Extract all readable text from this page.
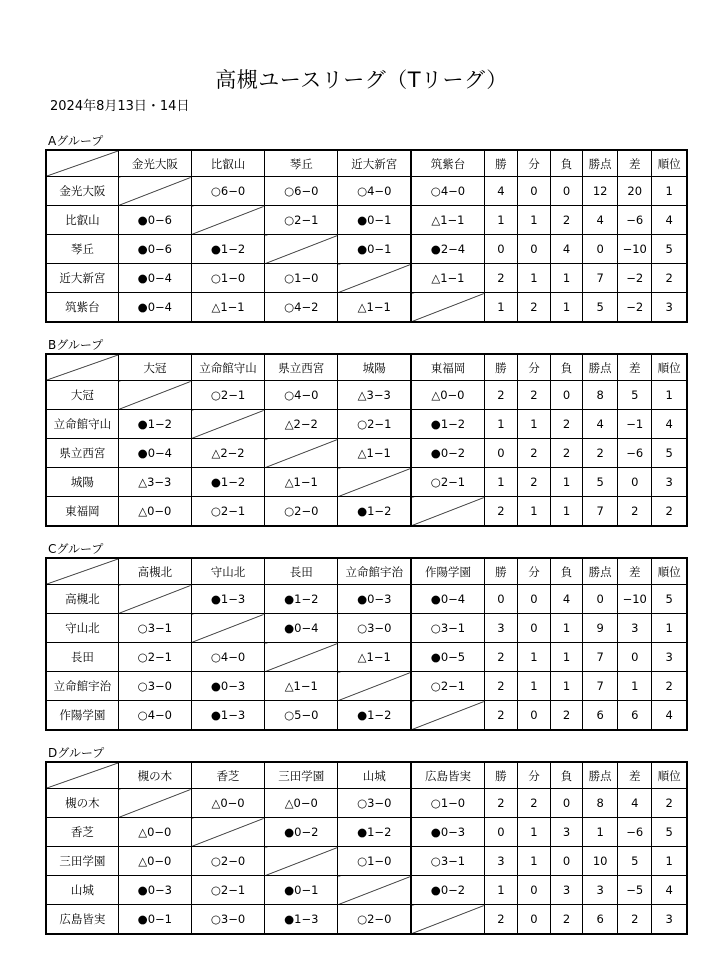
高槻ユースリーグ（Tリーグ）
2024年8月13日・14日
Aグループ
	金光大阪	比叡山	琴丘	近大新宮	筑紫台	勝	分	負	勝点	差	順位
金光大阪		○6−0	○6−0	○4−0	○4−0	4	0	0	12	20	1
比叡山	●0−6		○2−1	●0−1	△1−1	1	1	2	4	−6	4
琴丘	●0−6	●1−2		●0−1	●2−4	0	0	4	0	−10	5
近大新宮	●0−4	○1−0	○1−0		△1−1	2	1	1	7	−2	2
筑紫台	●0−4	△1−1	○4−2	△1−1		1	2	1	5	−2	3
Bグループ
	大冠	立命館守山	県立西宮	城陽	東福岡	勝	分	負	勝点	差	順位
大冠		○2−1	○4−0	△3−3	△0−0	2	2	0	8	5	1
立命館守山	●1−2		△2−2	○2−1	●1−2	1	1	2	4	−1	4
県立西宮	●0−4	△2−2		△1−1	●0−2	0	2	2	2	−6	5
城陽	△3−3	●1−2	△1−1		○2−1	1	2	1	5	0	3
東福岡	△0−0	○2−1	○2−0	●1−2		2	1	1	7	2	2
Cグループ
	高槻北	守山北	長田	立命館宇治	作陽学園	勝	分	負	勝点	差	順位
高槻北		●1−3	●1−2	●0−3	●0−4	0	0	4	0	−10	5
守山北	○3−1		●0−4	○3−0	○3−1	3	0	1	9	3	1
長田	○2−1	○4−0		△1−1	●0−5	2	1	1	7	0	3
立命館宇治	○3−0	●0−3	△1−1		○2−1	2	1	1	7	1	2
作陽学園	○4−0	●1−3	○5−0	●1−2		2	0	2	6	6	4
Dグループ
	槻の木	香芝	三田学園	山城	広島皆実	勝	分	負	勝点	差	順位
槻の木		△0−0	△0−0	○3−0	○1−0	2	2	0	8	4	2
香芝	△0−0		●0−2	●1−2	●0−3	0	1	3	1	−6	5
三田学園	△0−0	○2−0		○1−0	○3−1	3	1	0	10	5	1
山城	●0−3	○2−1	●0−1		●0−2	1	0	3	3	−5	4
広島皆実	●0−1	○3−0	●1−3	○2−0		2	0	2	6	2	3
